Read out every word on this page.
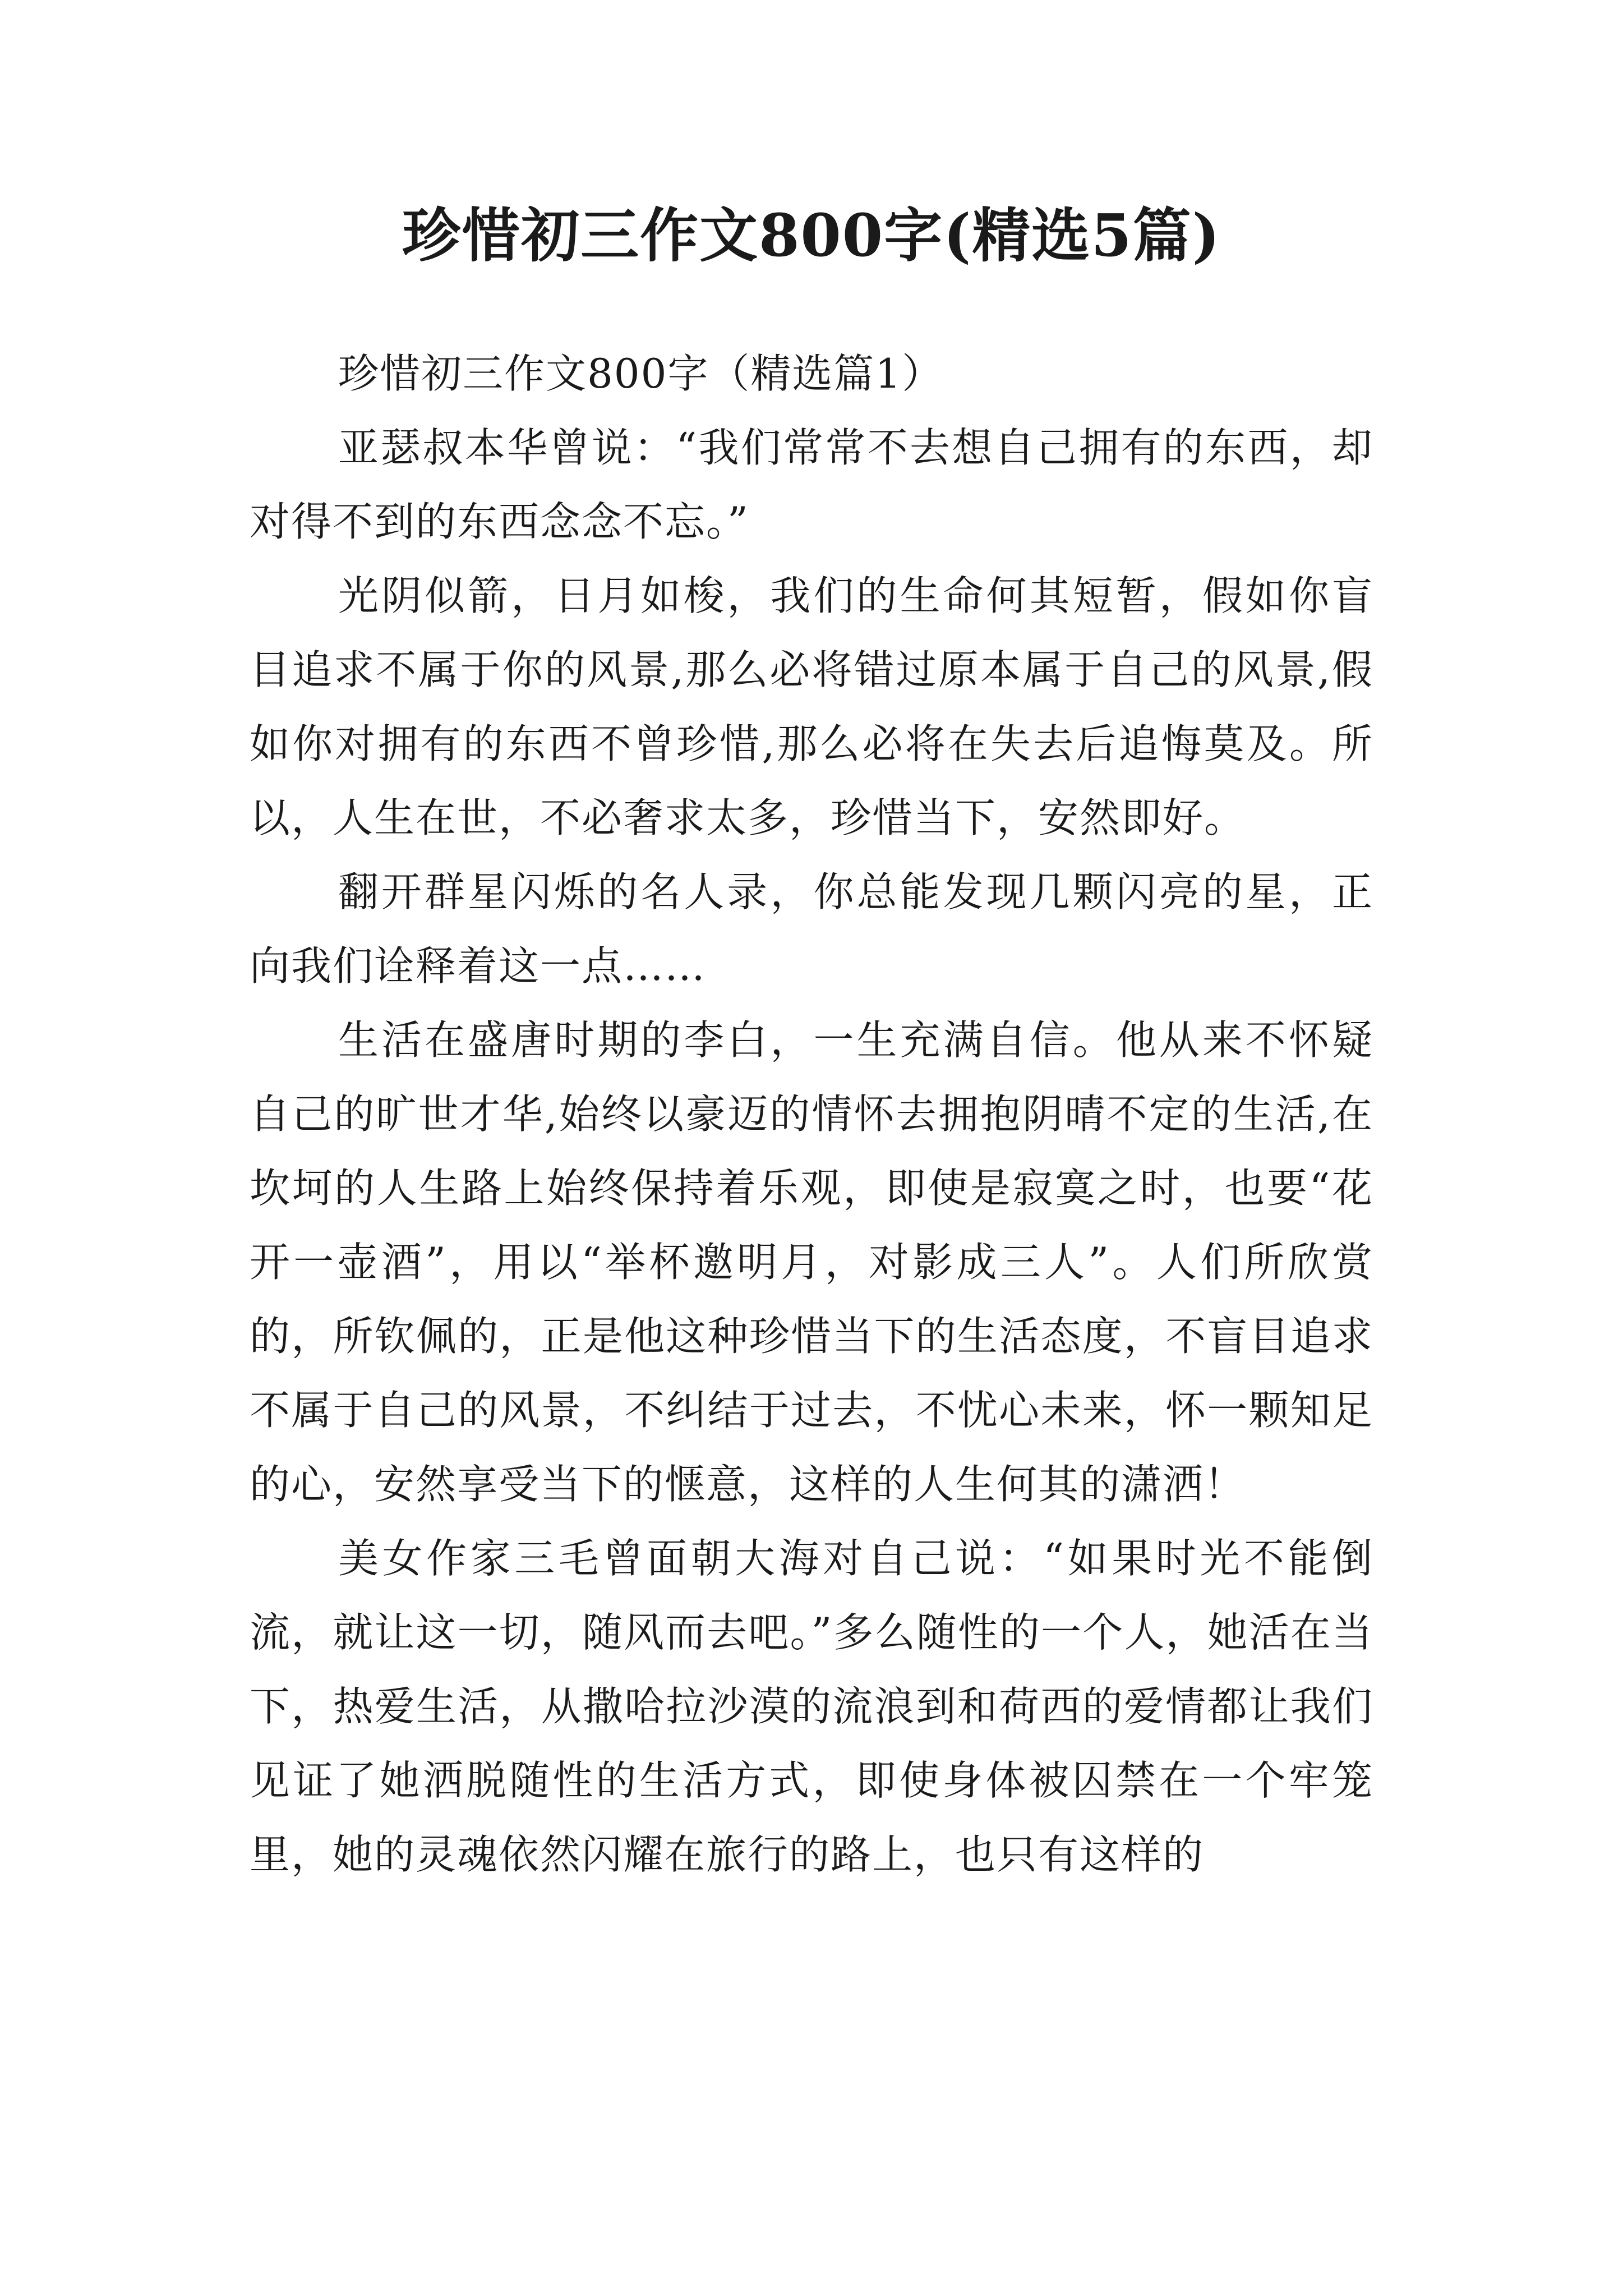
珍惜初三作文800字(精选5篇)

珍惜初三作文800字（精选篇1）

亚瑟叔本华曾说：“我们常常不去想自己拥有的东西，却对得不到的东西念念不忘。”

光阴似箭，日月如梭，我们的生命何其短暂，假如你盲目追求不属于你的风景,那么必将错过原本属于自己的风景,假如你对拥有的东西不曾珍惜,那么必将在失去后追悔莫及。所以，人生在世，不必奢求太多，珍惜当下，安然即好。

翻开群星闪烁的名人录，你总能发现几颗闪亮的星，正向我们诠释着这一点……

生活在盛唐时期的李白，一生充满自信。他从来不怀疑自己的旷世才华,始终以豪迈的情怀去拥抱阴晴不定的生活,在坎坷的人生路上始终保持着乐观，即使是寂寞之时，也要“花开一壶酒”，用以“举杯邀明月，对影成三人”。人们所欣赏的，所钦佩的，正是他这种珍惜当下的生活态度，不盲目追求不属于自己的风景，不纠结于过去，不忧心未来，怀一颗知足的心，安然享受当下的惬意，这样的人生何其的潇洒！

美女作家三毛曾面朝大海对自己说：“如果时光不能倒流，就让这一切，随风而去吧。”多么随性的一个人，她活在当下，热爱生活，从撒哈拉沙漠的流浪到和荷西的爱情都让我们见证了她洒脱随性的生活方式，即使身体被囚禁在一个牢笼里，她的灵魂依然闪耀在旅行的路上，也只有这样的
